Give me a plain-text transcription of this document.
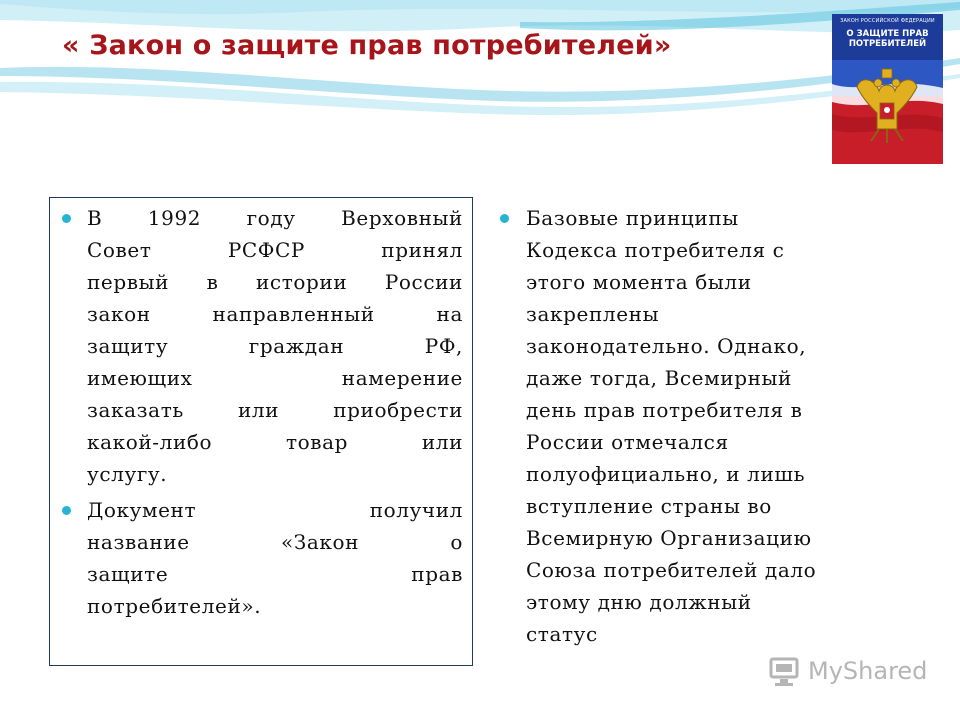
« Закон о защите прав потребителей»
ЗАКОН РОССИЙСКОЙ ФЕДЕРАЦИИ
О ЗАЩИТЕ ПРАВ
ПОТРЕБИТЕЛЕЙ
В 1992 году Верховный
Совет РСФСР принял
первый в истории России
закон направленный на
защиту граждан РФ,
имеющих намерение
заказать или приобрести
какой-либо товар или
услугу.
Документ получил
название «Закон о
защите прав
потребителей».
Базовые принципы
Кодекса потребителя с
этого момента были
закреплены
законодательно. Однако,
даже тогда, Всемирный
день прав потребителя в
России отмечался
полуофициально, и лишь
вступление страны во
Всемирную Организацию
Союза потребителей дало
этому дню должный
статус
MyShared
